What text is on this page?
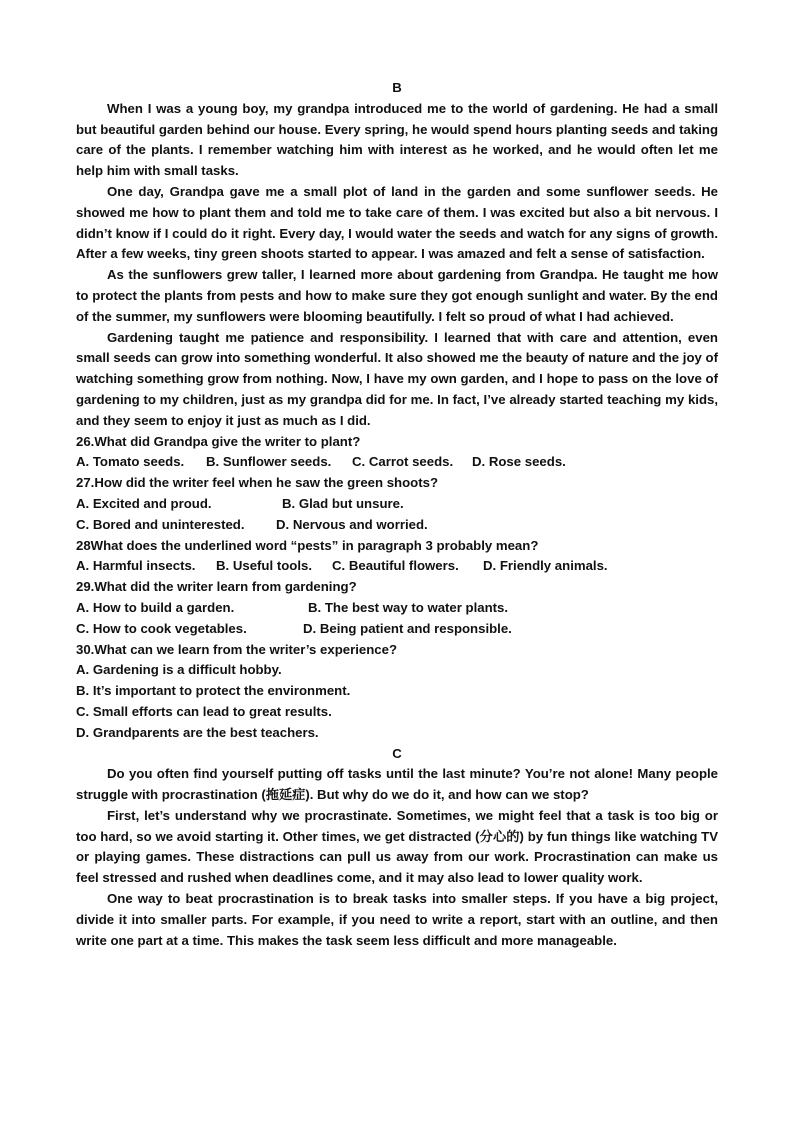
B

When I was a young boy, my grandpa introduced me to the world of gardening. He had a small but beautiful garden behind our house. Every spring, he would spend hours planting seeds and taking care of the plants. I remember watching him with interest as he worked, and he would often let me help him with small tasks.

One day, Grandpa gave me a small plot of land in the garden and some sunflower seeds. He showed me how to plant them and told me to take care of them. I was excited but also a bit nervous. I didn’t know if I could do it right. Every day, I would water the seeds and watch for any signs of growth. After a few weeks, tiny green shoots started to appear. I was amazed and felt a sense of satisfaction.

As the sunflowers grew taller, I learned more about gardening from Grandpa. He taught me how to protect the plants from pests and how to make sure they got enough sunlight and water. By the end of the summer, my sunflowers were blooming beautifully. I felt so proud of what I had achieved.

Gardening taught me patience and responsibility. I learned that with care and attention, even small seeds can grow into something wonderful. It also showed me the beauty of nature and the joy of watching something grow from nothing. Now, I have my own garden, and I hope to pass on the love of gardening to my children, just as my grandpa did for me. In fact, I’ve already started teaching my kids, and they seem to enjoy it just as much as I did.

26.What did Grandpa give the writer to plant?

A. Tomato seeds.	B. Sunflower seeds.	C. Carrot seeds.	D. Rose seeds.

27.How did the writer feel when he saw the green shoots?

A. Excited and proud.	B. Glad but unsure.
C. Bored and uninterested.	D. Nervous and worried.

28What does the underlined word “pests” in paragraph 3 probably mean?

A. Harmful insects.	B. Useful tools.	C. Beautiful flowers.	D. Friendly animals.

29.What did the writer learn from gardening?

A. How to build a garden.	B. The best way to water plants.
C. How to cook vegetables.	D. Being patient and responsible.

30.What can we learn from the writer’s experience?

A. Gardening is a difficult hobby.

B. It’s important to protect the environment.

C. Small efforts can lead to great results.

D. Grandparents are the best teachers.

C

Do you often find yourself putting off tasks until the last minute? You’re not alone! Many people struggle with procrastination (拖延症). But why do we do it, and how can we stop?

First, let’s understand why we procrastinate. Sometimes, we might feel that a task is too big or too hard, so we avoid starting it. Other times, we get distracted (分心的) by fun things like watching TV or playing games. These distractions can pull us away from our work. Procrastination can make us feel stressed and rushed when deadlines come, and it may also lead to lower quality work.

One way to beat procrastination is to break tasks into smaller steps. If you have a big project, divide it into smaller parts. For example, if you need to write a report, start with an outline, and then write one part at a time. This makes the task seem less difficult and more manageable.
